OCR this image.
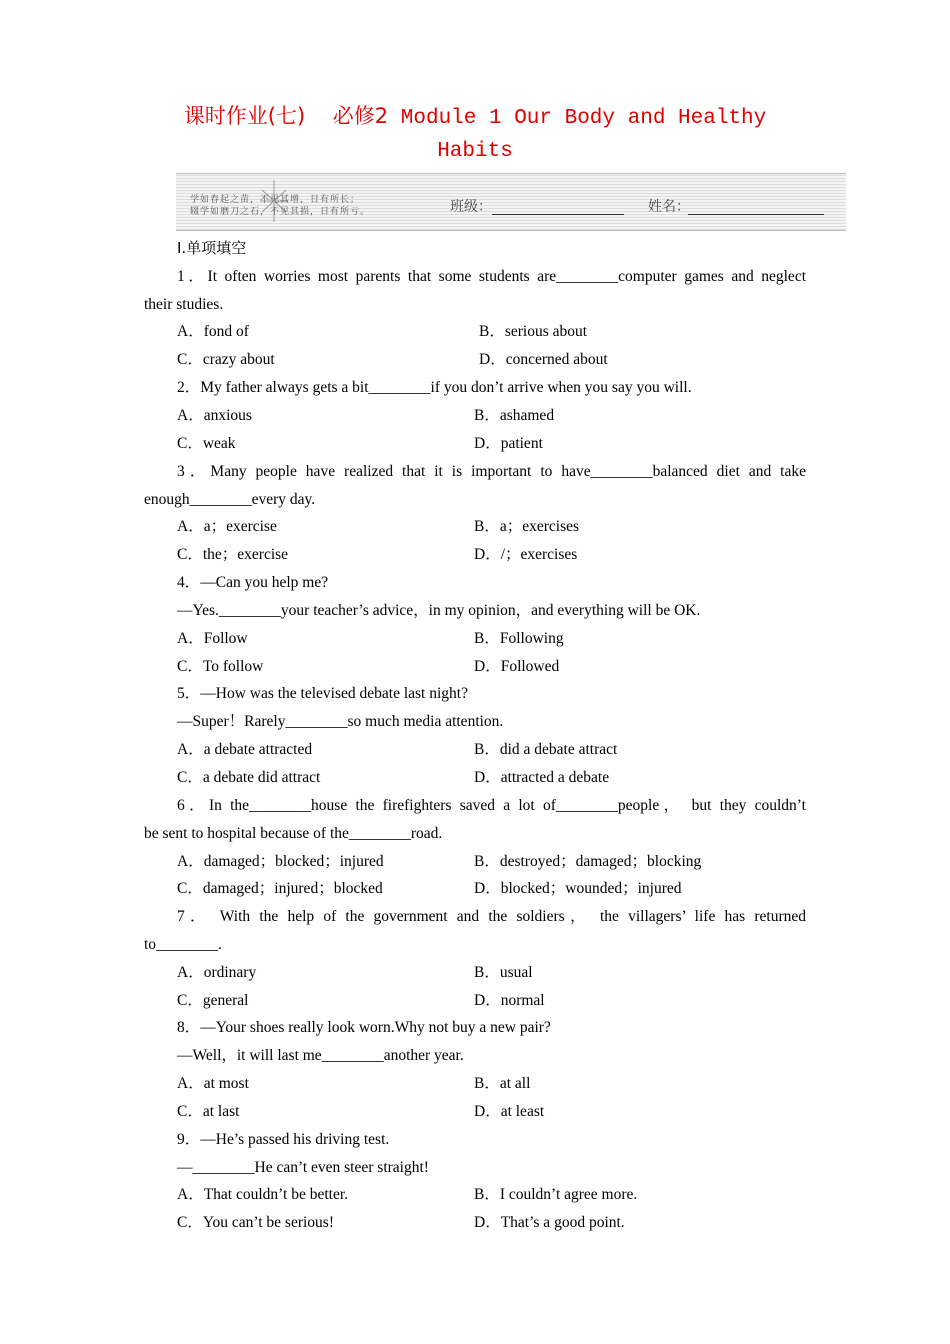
课时作业(七)　 必修2 Module 1 Our Body and Healthy
Habits
学如春起之苗，不见其增，日有所长；
辍学如磨刀之石，不见其损，日有所亏。	班级：	姓名：
Ⅰ.单项填空
1．It often worries most parents that some students are________computer games and neglect
their studies.
A．fond of	B．serious about
C．crazy about	D．concerned about
2．My father always gets a bit________if you don’t arrive when you say you will.
A．anxious	B．ashamed
C．weak	D．patient
3．Many people have realized that it is important to have________balanced diet and take
enough________every day.
A．a；exercise	B．a；exercises
C．the；exercise	D．/；exercises
4．—Can you help me?
—Yes.________your teacher’s advice，in my opinion，and everything will be OK.
A．Follow	B．Following
C．To follow	D．Followed
5．—How was the televised debate last night?
—Super！Rarely________so much media attention.
A．a debate attracted	B．did a debate attract
C．a debate did attract	D．attracted a debate
6．In the________house the firefighters saved a lot of________people， but they couldn’t
be sent to hospital because of the________road.
A．damaged；blocked；injured	B．destroyed；damaged；blocking
C．damaged；injured；blocked	D．blocked；wounded；injured
7． With the help of the government and the soldiers， the villagers’ life has returned
to________.
A．ordinary	B．usual
C．general	D．normal
8．—Your shoes really look worn.Why not buy a new pair?
—Well，it will last me________another year.
A．at most	B．at all
C．at last	D．at least
9．—He’s passed his driving test.
—________He can’t even steer straight!
A．That couldn’t be better.	B．I couldn’t agree more.
C．You can’t be serious!	D．That’s a good point.
